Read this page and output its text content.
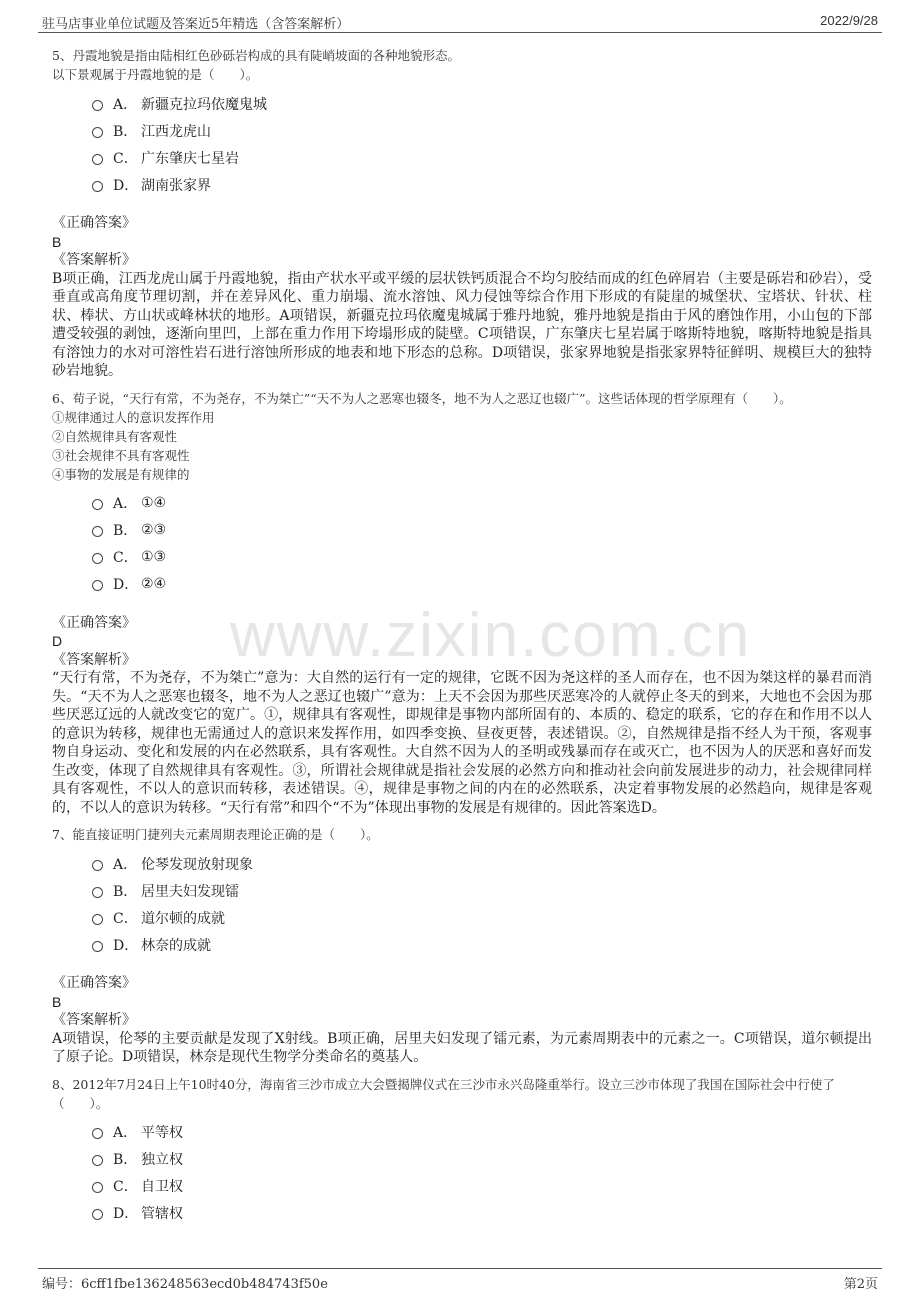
驻马店事业单位试题及答案近5年精选（含答案解析）	2022/9/28
www.zixin.com.cn
5、丹霞地貌是指由陆相红色砂砾岩构成的具有陡峭坡面的各种地貌形态。
以下景观属于丹霞地貌的是（　　）。
A． 新疆克拉玛依魔鬼城
B． 江西龙虎山
C． 广东肇庆七星岩
D． 湖南张家界
《正确答案》
B
《答案解析》
B项正确，江西龙虎山属于丹霞地貌，指由产状水平或平缓的层状铁钙质混合不均匀胶结而成的红色碎屑岩（主要是砾岩和砂岩），受垂直或高角度节理切割，并在差异风化、重力崩塌、流水溶蚀、风力侵蚀等综合作用下形成的有陡崖的城堡状、宝塔状、针状、柱状、棒状、方山状或峰林状的地形。A项错误，新疆克拉玛依魔鬼城属于雅丹地貌，雅丹地貌是指由于风的磨蚀作用，小山包的下部遭受较强的剥蚀，逐渐向里凹，上部在重力作用下垮塌形成的陡壁。C项错误，广东肇庆七星岩属于喀斯特地貌，喀斯特地貌是指具有溶蚀力的水对可溶性岩石进行溶蚀所形成的地表和地下形态的总称。D项错误，张家界地貌是指张家界特征鲜明、规模巨大的独特砂岩地貌。
6、荀子说，“天行有常，不为尧存，不为桀亡”“天不为人之恶寒也辍冬，地不为人之恶辽也辍广”。这些话体现的哲学原理有（　　）。
①规律通过人的意识发挥作用
②自然规律具有客观性
③社会规律不具有客观性
④事物的发展是有规律的
A． ①④
B． ②③
C． ①③
D． ②④
《正确答案》
D
《答案解析》
“天行有常，不为尧存，不为桀亡”意为：大自然的运行有一定的规律，它既不因为尧这样的圣人而存在，也不因为桀这样的暴君而消失。“天不为人之恶寒也辍冬，地不为人之恶辽也辍广”意为：上天不会因为那些厌恶寒冷的人就停止冬天的到来，大地也不会因为那些厌恶辽远的人就改变它的宽广。①，规律具有客观性，即规律是事物内部所固有的、本质的、稳定的联系，它的存在和作用不以人的意识为转移，规律也无需通过人的意识来发挥作用，如四季变换、昼夜更替，表述错误。②，自然规律是指不经人为干预，客观事物自身运动、变化和发展的内在必然联系，具有客观性。大自然不因为人的圣明或残暴而存在或灭亡，也不因为人的厌恶和喜好而发生改变，体现了自然规律具有客观性。③，所谓社会规律就是指社会发展的必然方向和推动社会向前发展进步的动力，社会规律同样具有客观性，不以人的意识而转移，表述错误。④，规律是事物之间的内在的必然联系，决定着事物发展的必然趋向，规律是客观的，不以人的意识为转移。“天行有常”和四个“不为”体现出事物的发展是有规律的。因此答案选D。
7、能直接证明门捷列夫元素周期表理论正确的是（　　）。
A． 伦琴发现放射现象
B． 居里夫妇发现镭
C． 道尔顿的成就
D． 林奈的成就
《正确答案》
B
《答案解析》
A项错误，伦琴的主要贡献是发现了X射线。B项正确，居里夫妇发现了镭元素，为元素周期表中的元素之一。C项错误，道尔顿提出了原子论。D项错误，林奈是现代生物学分类命名的奠基人。
8、2012年7月24日上午10时40分，海南省三沙市成立大会暨揭牌仪式在三沙市永兴岛隆重举行。设立三沙市体现了我国在国际社会中行使了（　　）。
A． 平等权
B． 独立权
C． 自卫权
D． 管辖权
编号：6cff1fbe136248563ecd0b484743f50e	第2页
